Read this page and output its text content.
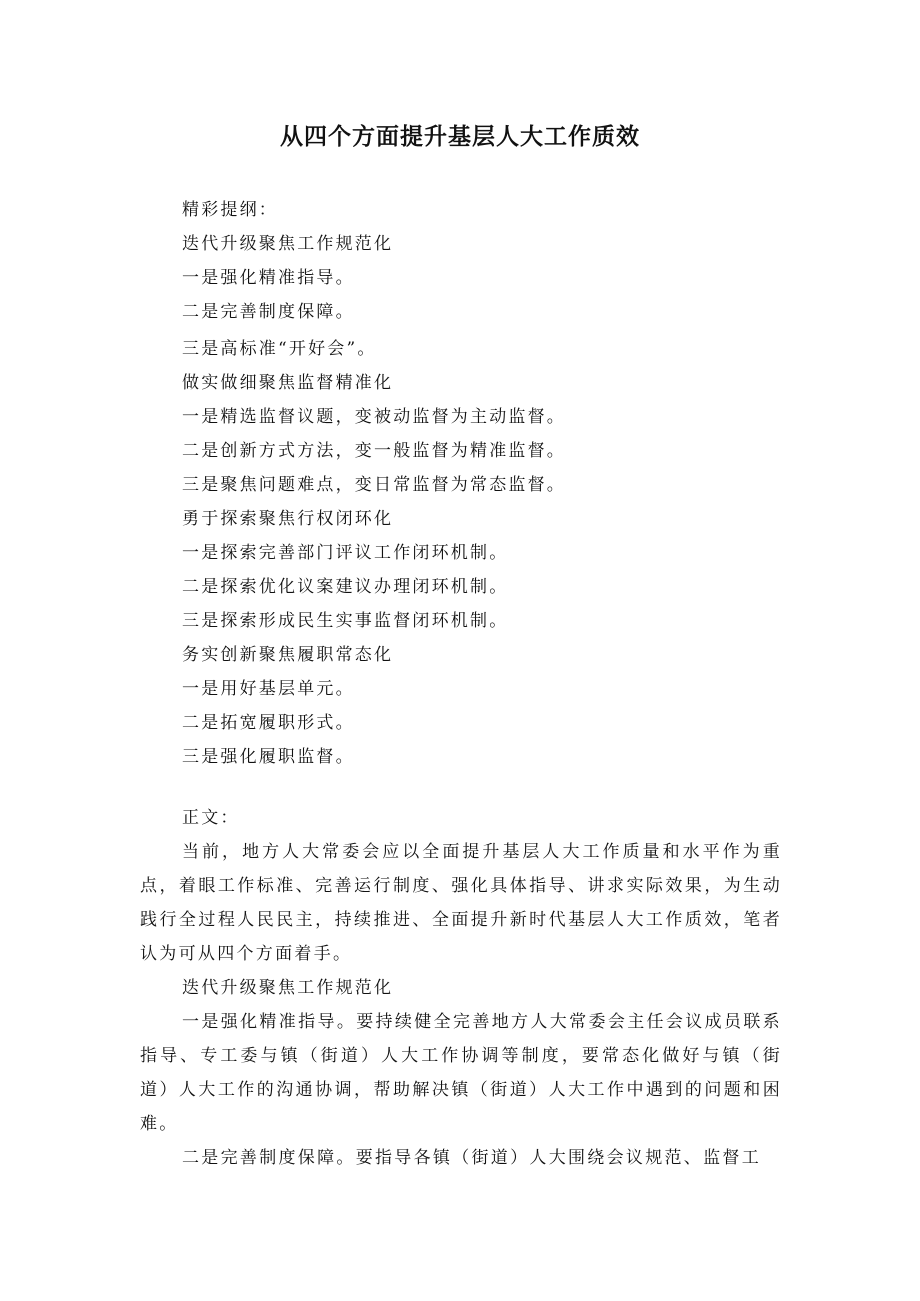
从四个方面提升基层人大工作质效
精彩提纲：
迭代升级聚焦工作规范化
一是强化精准指导。
二是完善制度保障。
三是高标准“开好会”。
做实做细聚焦监督精准化
一是精选监督议题，变被动监督为主动监督。
二是创新方式方法，变一般监督为精准监督。
三是聚焦问题难点，变日常监督为常态监督。
勇于探索聚焦行权闭环化
一是探索完善部门评议工作闭环机制。
二是探索优化议案建议办理闭环机制。
三是探索形成民生实事监督闭环机制。
务实创新聚焦履职常态化
一是用好基层单元。
二是拓宽履职形式。
三是强化履职监督。
正文：

当前，地方人大常委会应以全面提升基层人大工作质量和水平作为重点，着眼工作标准、完善运行制度、强化具体指导、讲求实际效果，为生动践行全过程人民民主，持续推进、全面提升新时代基层人大工作质效，笔者认为可从四个方面着手。

迭代升级聚焦工作规范化

一是强化精准指导。要持续健全完善地方人大常委会主任会议成员联系指导、专工委与镇（街道）人大工作协调等制度，要常态化做好与镇（街道）人大工作的沟通协调，帮助解决镇（街道）人大工作中遇到的问题和困难。

二是完善制度保障。要指导各镇（街道）人大围绕会议规范、监督工
